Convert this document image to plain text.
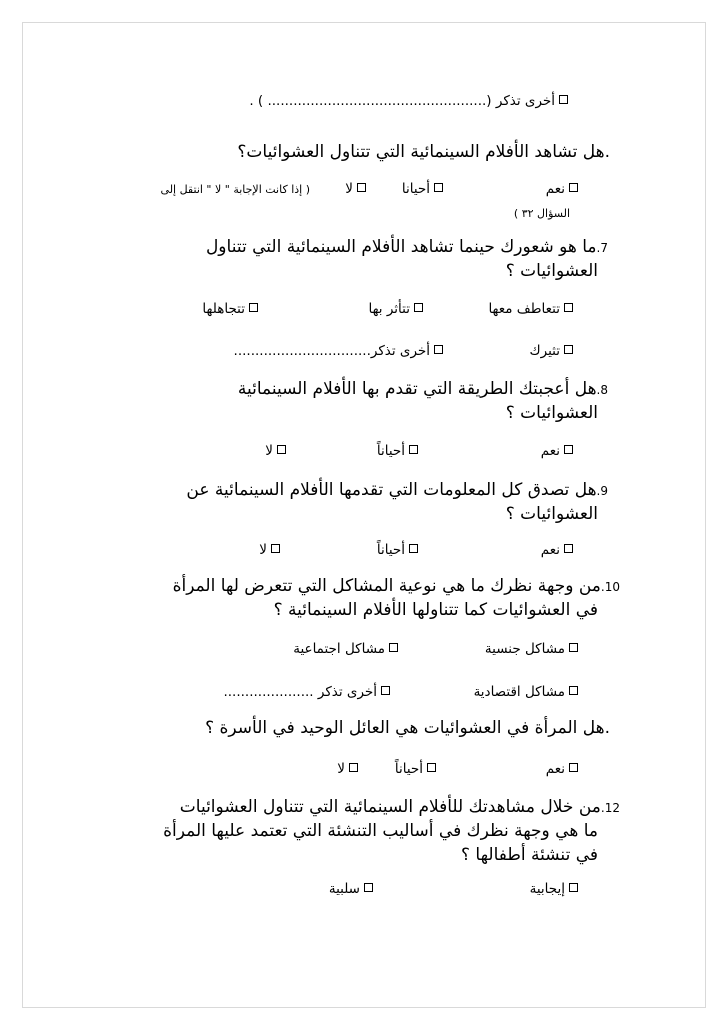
أخرى تذكر (................................................... ) .
.هل تشاهد الأفلام السينمائية التي تتناول العشوائيات؟
نعم
أحيانا
لا
( إذا كانت الإجابة " لا " انتقل إلى
السؤال ٣٢ )
7.ما هو شعورك حينما تشاهد الأفلام السينمائية التي تتناول
العشوائيات ؟
تتعاطف معها
تتأثر بها
تتجاهلها
تثيرك
أخرى تذكر................................
8.هل أعجبتك الطريقة التي تقدم بها الأفلام السينمائية
العشوائيات ؟
نعم
أحياناً
لا
9.هل تصدق كل المعلومات التي تقدمها الأفلام السينمائية عن
العشوائيات ؟
نعم
أحياناً
لا
10.من وجهة نظرك ما هي نوعية المشاكل التي تتعرض لها المرأة
في العشوائيات كما تتناولها الأفلام السينمائية ؟
مشاكل جنسية
مشاكل اجتماعية
مشاكل اقتصادية
أخرى تذكر .....................
.هل المرأة في العشوائيات هي العائل الوحيد في الأسرة ؟
نعم
أحياناً
لا
12.من خلال مشاهدتك للأفلام السينمائية التي تتناول العشوائيات
ما هي وجهة نظرك في أساليب التنشئة التي تعتمد عليها المرأة
في تنشئة أطفالها ؟
إيجابية
سلبية
